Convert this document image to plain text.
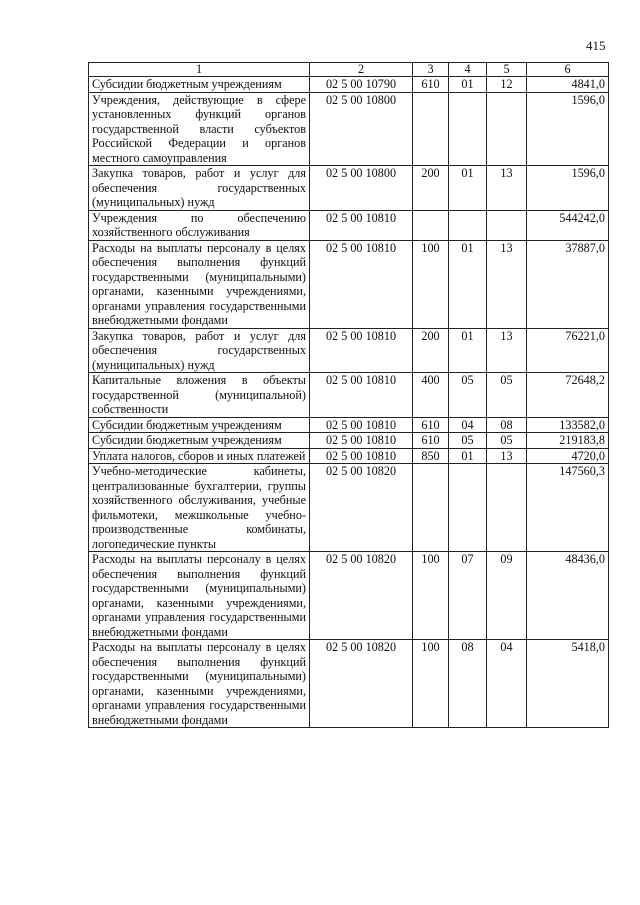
415
1	2	3	4	5	6
Субсидии бюджетным учреждениям	02 5 00 10790	610	01	12	4841,0
Учреждения, действующие в сфере установленных функций органов государственной власти субъектов Российской Федерации и органов местного самоуправления	02 5 00 10800				1596,0
Закупка товаров, работ и услуг для обеспечения государственных (муниципальных) нужд	02 5 00 10800	200	01	13	1596,0
Учреждения по обеспечению хозяйственного обслуживания	02 5 00 10810				544242,0
Расходы на выплаты персоналу в целях обеспечения выполнения функций государственными (муниципальными) органами, казенными учреждениями, органами управления государственными внебюджетными фондами	02 5 00 10810	100	01	13	37887,0
Закупка товаров, работ и услуг для обеспечения государственных (муниципальных) нужд	02 5 00 10810	200	01	13	76221,0
Капитальные вложения в объекты государственной (муниципальной) собственности	02 5 00 10810	400	05	05	72648,2
Субсидии бюджетным учреждениям	02 5 00 10810	610	04	08	133582,0
Субсидии бюджетным учреждениям	02 5 00 10810	610	05	05	219183,8
Уплата налогов, сборов и иных платежей	02 5 00 10810	850	01	13	4720,0
Учебно-методические кабинеты, централизованные бухгалтерии, группы хозяйственного обслуживания, учебные фильмотеки, межшкольные учебно-производственные комбинаты, логопедические пункты	02 5 00 10820				147560,3
Расходы на выплаты персоналу в целях обеспечения выполнения функций государственными (муниципальными) органами, казенными учреждениями, органами управления государственными внебюджетными фондами	02 5 00 10820	100	07	09	48436,0
Расходы на выплаты персоналу в целях обеспечения выполнения функций государственными (муниципальными) органами, казенными учреждениями, органами управления государственными внебюджетными фондами	02 5 00 10820	100	08	04	5418,0
